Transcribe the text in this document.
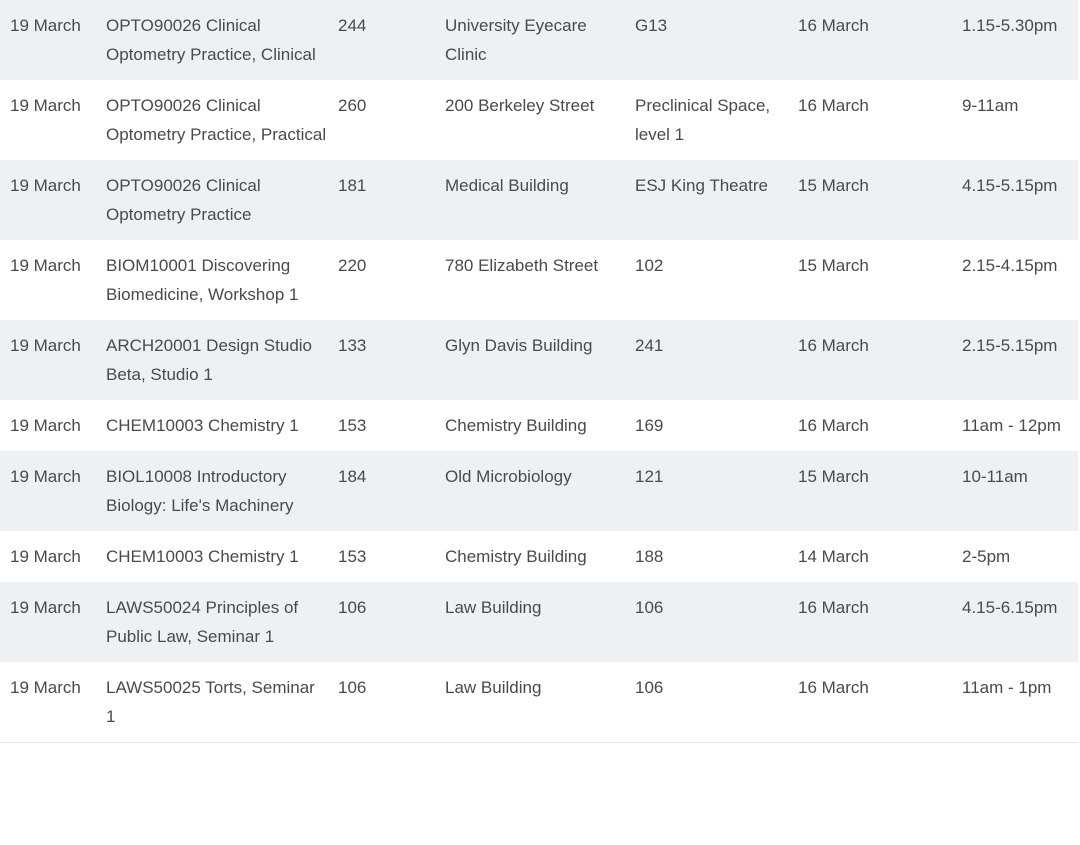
19 March	OPTO90026 Clinical Optometry Practice, Clinical	244	University Eyecare Clinic	G13	16 March	1.15-5.30pm
19 March	OPTO90026 Clinical Optometry Practice, Practical	260	200 Berkeley Street	Preclinical Space, level 1	16 March	9-11am
19 March	OPTO90026 Clinical Optometry Practice	181	Medical Building	ESJ King Theatre	15 March	4.15-5.15pm
19 March	BIOM10001 Discovering Biomedicine, Workshop 1	220	780 Elizabeth Street	102	15 March	2.15-4.15pm
19 March	ARCH20001 Design Studio Beta, Studio 1	133	Glyn Davis Building	241	16 March	2.15-5.15pm
19 March	CHEM10003 Chemistry 1	153	Chemistry Building	169	16 March	11am - 12pm
19 March	BIOL10008 Introductory Biology: Life's Machinery	184	Old Microbiology	121	15 March	10-11am
19 March	CHEM10003 Chemistry 1	153	Chemistry Building	188	14 March	2-5pm
19 March	LAWS50024 Principles of Public Law, Seminar 1	106	Law Building	106	16 March	4.15-6.15pm
19 March	LAWS50025 Torts, Seminar 1	106	Law Building	106	16 March	11am - 1pm
